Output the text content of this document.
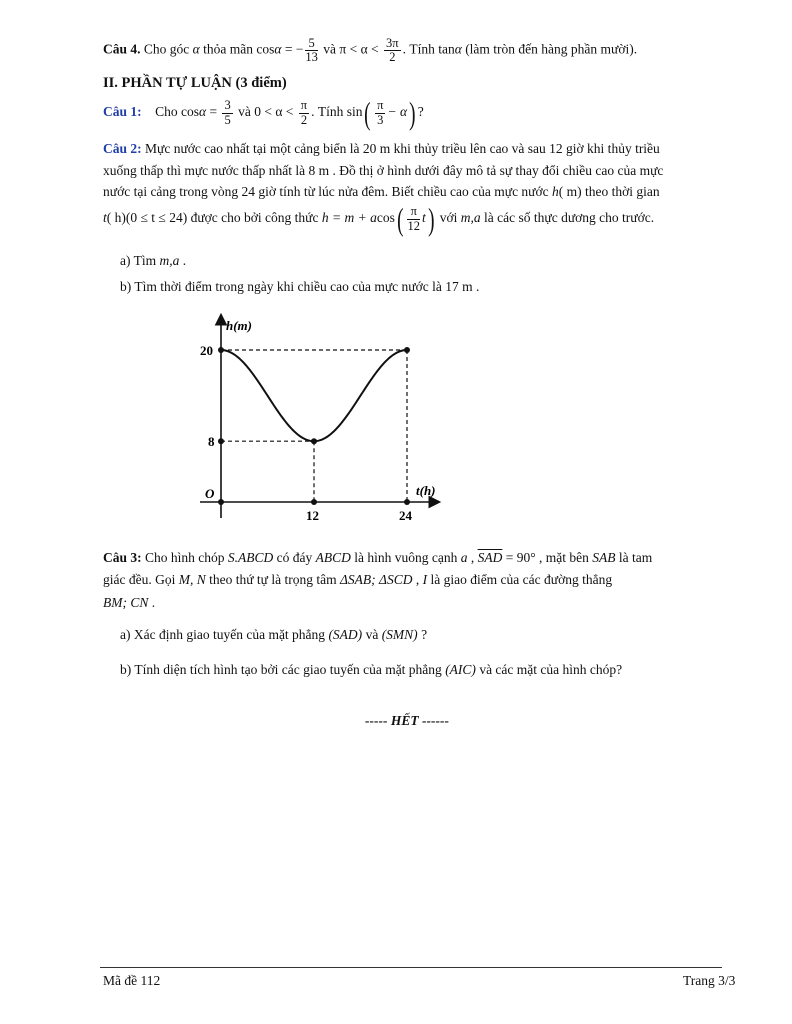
Câu 4. Cho góc α thỏa mãn cosα = − $\frac{5}{13}$ và $\pi < \alpha < \frac{3\pi}{2}$ . Tính tanα (làm tròn đến hàng phần mười).
II. PHẦN TỰ LUẬN (3 điểm)
Câu 1: Cho $\cos\alpha = \frac{3}{5}$ và $0 < \alpha < \frac{\pi}{2}$ . Tính $\sin( \frac{\pi}{3} - \alpha)$ ?
Câu 2: Mực nước cao nhất tại một cảng biển là 20 m khi thủy triều lên cao và sau 12 giờ khi thủy triều
xuống thấp thì mực nước thấp nhất là 8 m . Đồ thị ở hình dưới đây mô tả sự thay đổi chiều cao của mực
nước tại cảng trong vòng 24 giờ tính từ lúc nửa đêm. Biết chiều cao của mực nước h( m) theo thời gian
t( h)(0 ≤ t ≤ 24) được cho bởi công thức $h = m + acos( \frac{\pi}{12} t)$ với m,a là các số thực dương cho trước.
a) Tìm m,a .
b) Tìm thời điểm trong ngày khi chiều cao của mực nước là 17 m .
h(m)
t(h)
O
12	24
20
8
Câu 3: Cho hình chóp S.ABCD có đáy ABCD là hình vuông cạnh a , $\overline{SAD} = 90^\circ$ , mặt bên SAB là tam
giác đều. Gọi M, N theo thứ tự là trọng tâm ΔSAB; ΔSCD , I là giao điểm của các đường thẳng
BM; CN .
a) Xác định giao tuyến của mặt phẳng (SAD) và (SMN) ?
b) Tính diện tích hình tạo bởi các giao tuyến của mặt phẳng (AIC) và các mặt của hình chóp?
----- HẾT ------
Mã đề 112	Trang 3/3
